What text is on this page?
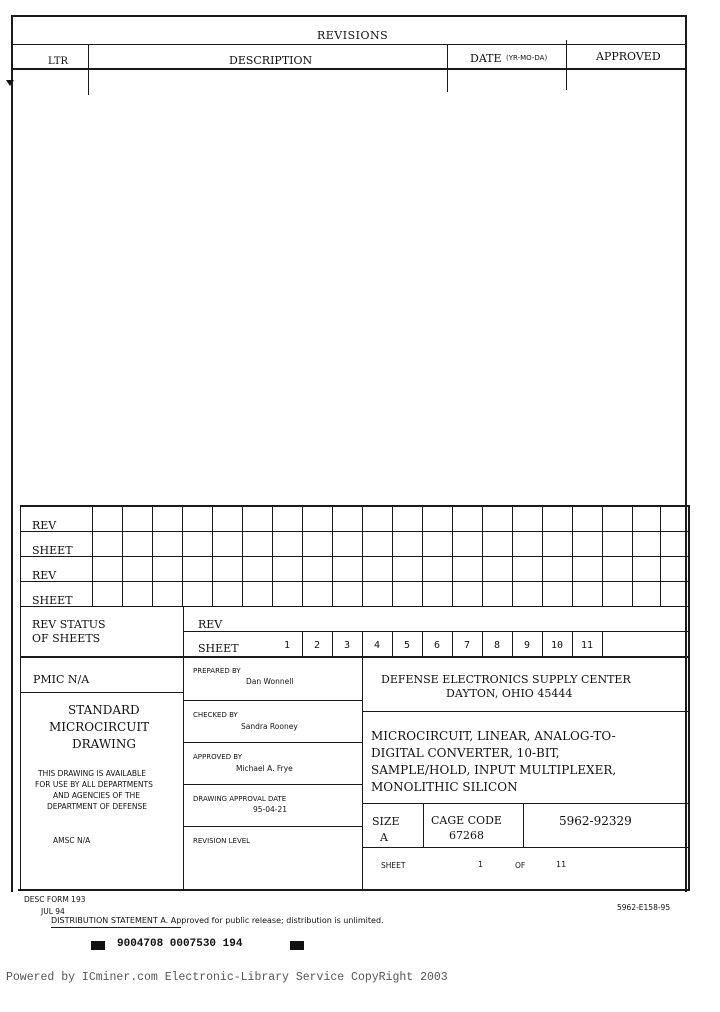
REVISIONS
LTR	DESCRIPTION	DATE (YR-MO-DA)	APPROVED
REV
SHEET
REV
SHEET
REV STATUS
OF SHEETS
REV
SHEET	1	2	3	4	5	6	7	8	9	10	11
PMIC N/A
STANDARD
MICROCIRCUIT
DRAWING
THIS DRAWING IS AVAILABLE
FOR USE BY ALL DEPARTMENTS
AND AGENCIES OF THE
DEPARTMENT OF DEFENSE
AMSC N/A
PREPARED BY
Dan Wonnell
CHECKED BY
Sandra Rooney
APPROVED BY
Michael A. Frye
DRAWING APPROVAL DATE
95-04-21
REVISION LEVEL
DEFENSE ELECTRONICS SUPPLY CENTER
DAYTON, OHIO 45444
MICROCIRCUIT, LINEAR, ANALOG-TO-
DIGITAL CONVERTER, 10-BIT,
SAMPLE/HOLD, INPUT MULTIPLEXER,
MONOLITHIC SILICON
SIZE
A
CAGE CODE
67268
5962-92329
SHEET	1	OF	11
DESC FORM 193
JUL 94	5962-E158-95
DISTRIBUTION STATEMENT A. Approved for public release; distribution is unlimited.
9004708 0007530 194
Powered by ICminer.com Electronic-Library Service CopyRight 2003
